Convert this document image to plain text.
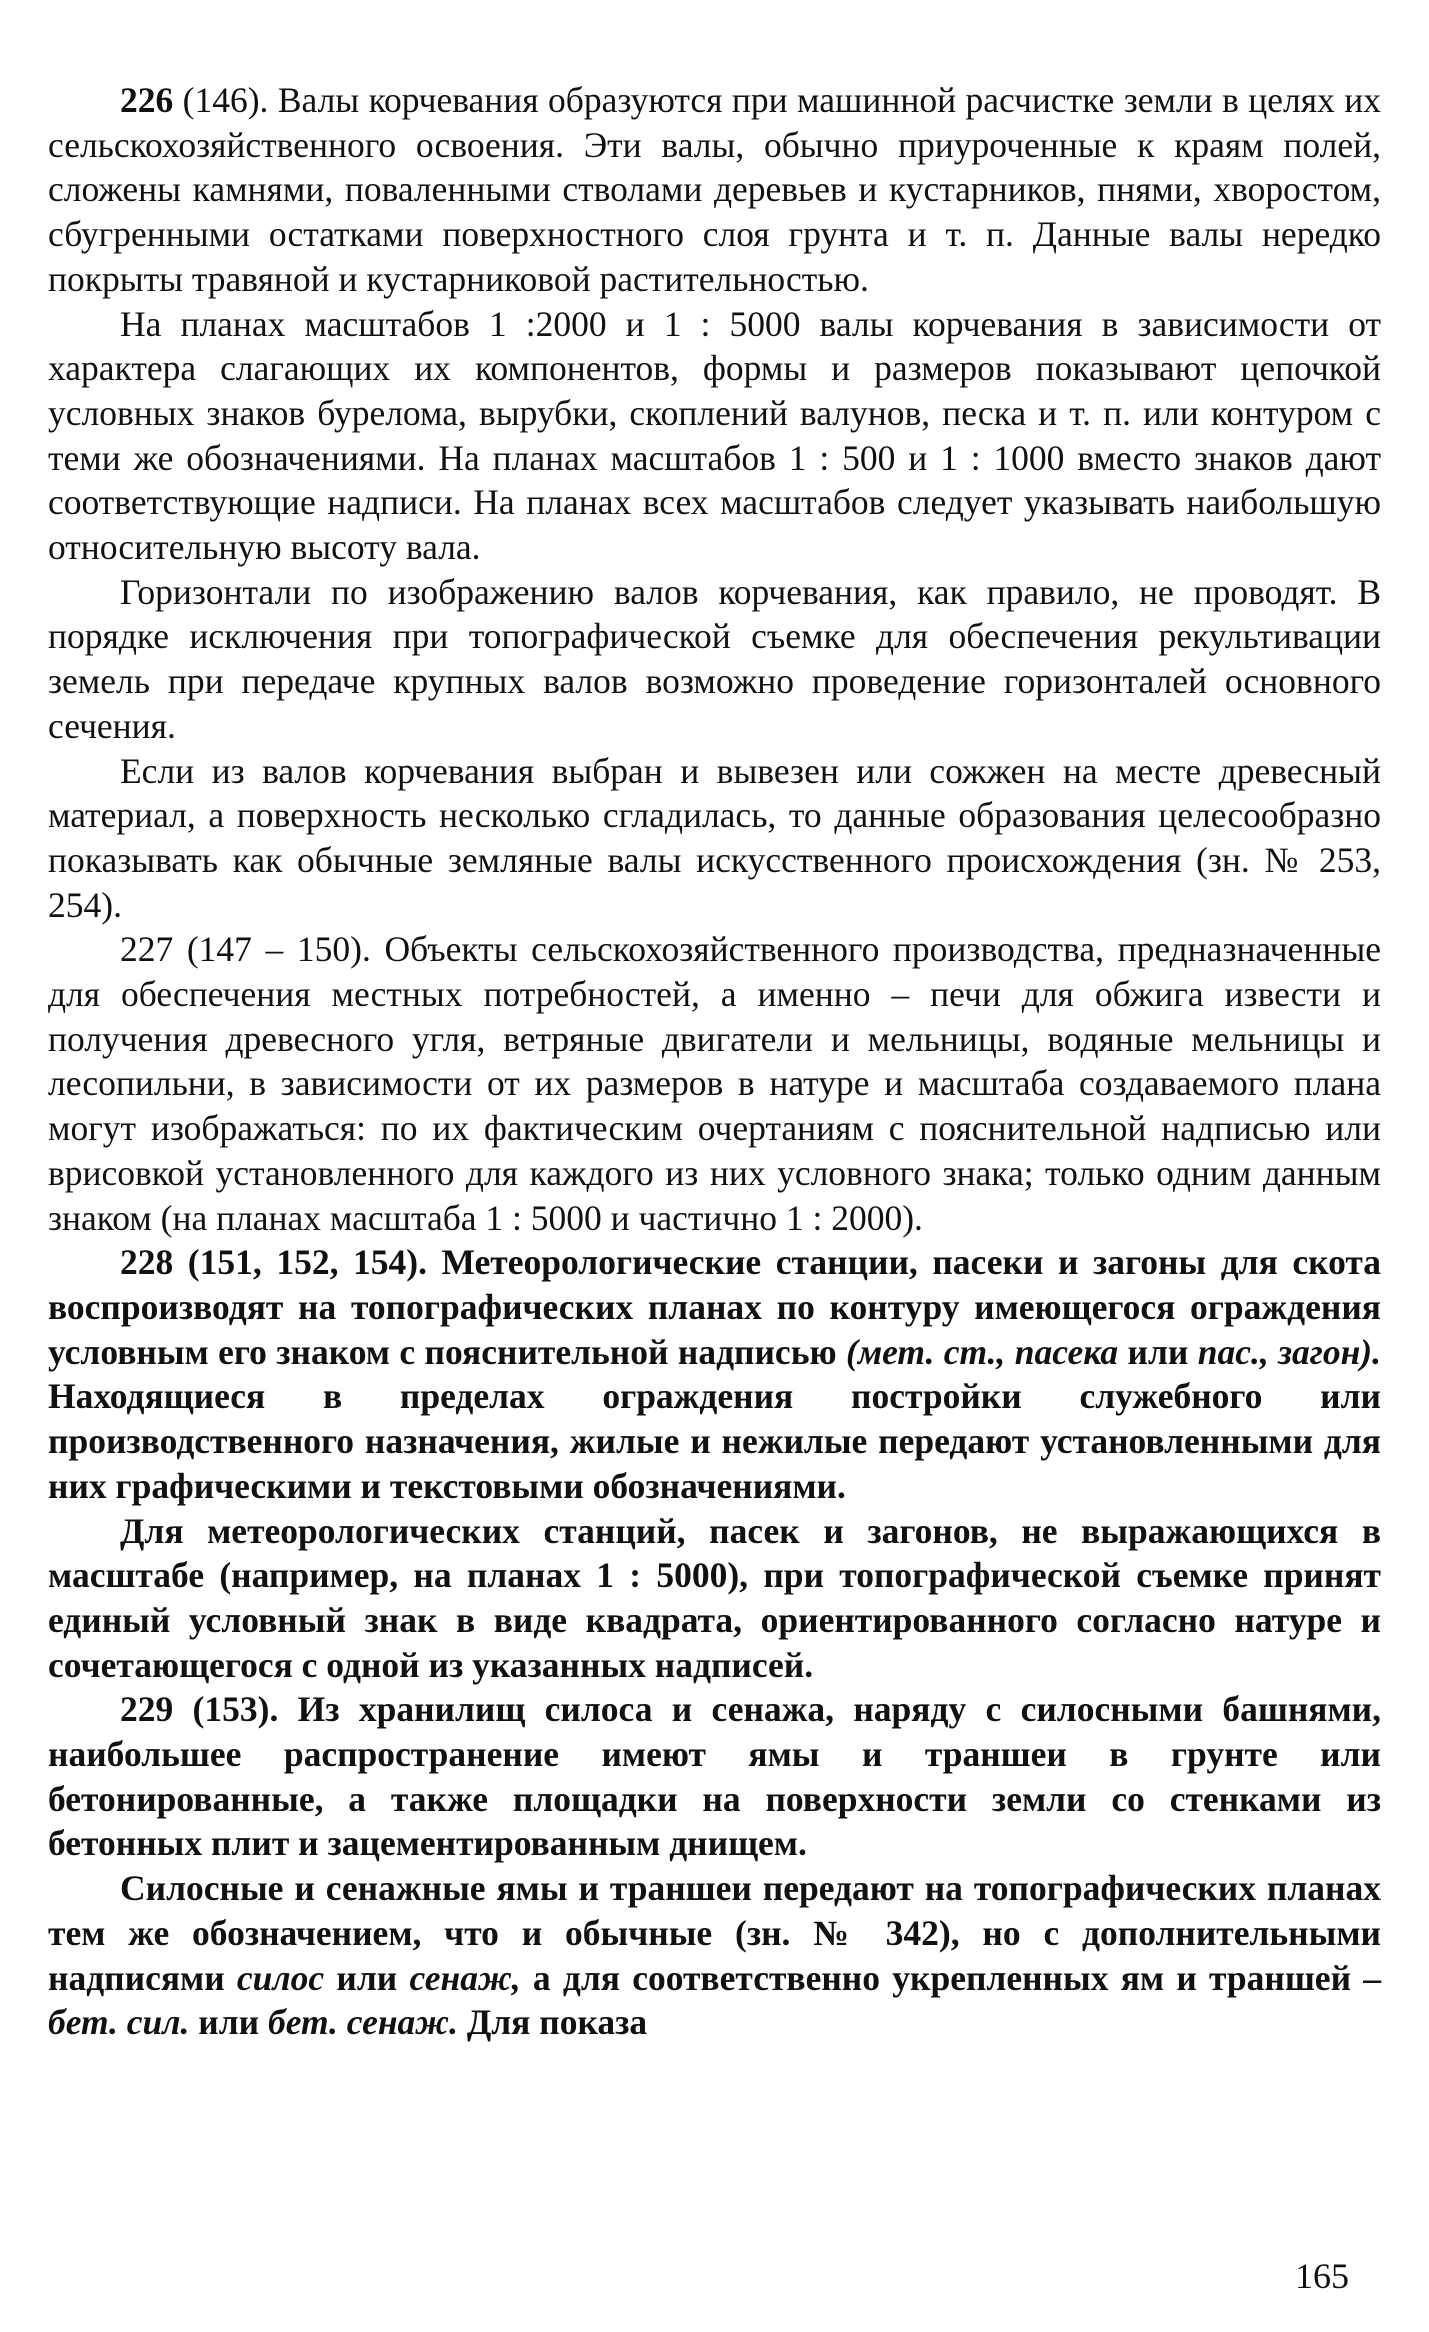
226 (146). Валы корчевания образуются при машинной расчистке земли в целях их сельскохозяйственного освоения. Эти валы, обычно приуроченные к краям полей, сложены камнями, поваленными стволами деревьев и кустарников, пнями, хворостом, сбугренными остатками поверхностного слоя грунта и т. п. Данные валы нередко покрыты травяной и кустарниковой растительностью.

На планах масштабов 1 :2000 и 1 : 5000 валы корчевания в зависимости от характера слагающих их компонентов, формы и размеров показывают цепочкой условных знаков бурелома, вырубки, скоплений валунов, песка и т. п. или контуром с теми же обозначениями. На планах масштабов 1 : 500 и 1 : 1000 вместо знаков дают соответствующие надписи. На планах всех масштабов следует указывать наибольшую относительную высоту вала.

Горизонтали по изображению валов корчевания, как правило, не проводят. В порядке исключения при топографической съемке для обеспечения рекультивации земель при передаче крупных валов возможно проведение горизонталей основного сечения.

Если из валов корчевания выбран и вывезен или сожжен на месте древесный материал, а поверхность несколько сгладилась, то данные образования целесообразно показывать как обычные земляные валы искусственного происхождения (зн. № 253, 254).

227 (147 – 150). Объекты сельскохозяйственного производства, предназначенные для обеспечения местных потребностей, а именно – печи для обжига извести и получения древесного угля, ветряные двигатели и мельницы, водяные мельницы и лесопильни, в зависимости от их размеров в натуре и масштаба создаваемого плана могут изображаться: по их фактическим очертаниям с пояснительной надписью или врисовкой установленного для каждого из них условного знака; только одним данным знаком (на планах масштаба 1 : 5000 и частично 1 : 2000).

228 (151, 152, 154). Метеорологические станции, пасеки и загоны для скота воспроизводят на топографических планах по контуру имеющегося ограждения условным его знаком с пояснительной надписью (мет. ст., пасека или пас., загон). Находящиеся в пределах ограждения постройки служебного или производственного назначения, жилые и нежилые передают установленными для них графическими и текстовыми обозначениями.

Для метеорологических станций, пасек и загонов, не выражающихся в масштабе (например, на планах 1 : 5000), при топографической съемке принят единый условный знак в виде квадрата, ориентированного согласно натуре и сочетающегося с одной из указанных надписей.

229 (153). Из хранилищ силоса и сенажа, наряду с силосными башнями, наибольшее распространение имеют ямы и траншеи в грунте или бетонированные, а также площадки на поверхности земли со стенками из бетонных плит и зацементированным днищем.

Силосные и сенажные ямы и траншеи передают на топографических планах тем же обозначением, что и обычные (зн. № 342), но с дополнительными надписями силос или сенаж, а для соответственно укрепленных ям и траншей – бет. сил. или бет. сенаж. Для показа

165
